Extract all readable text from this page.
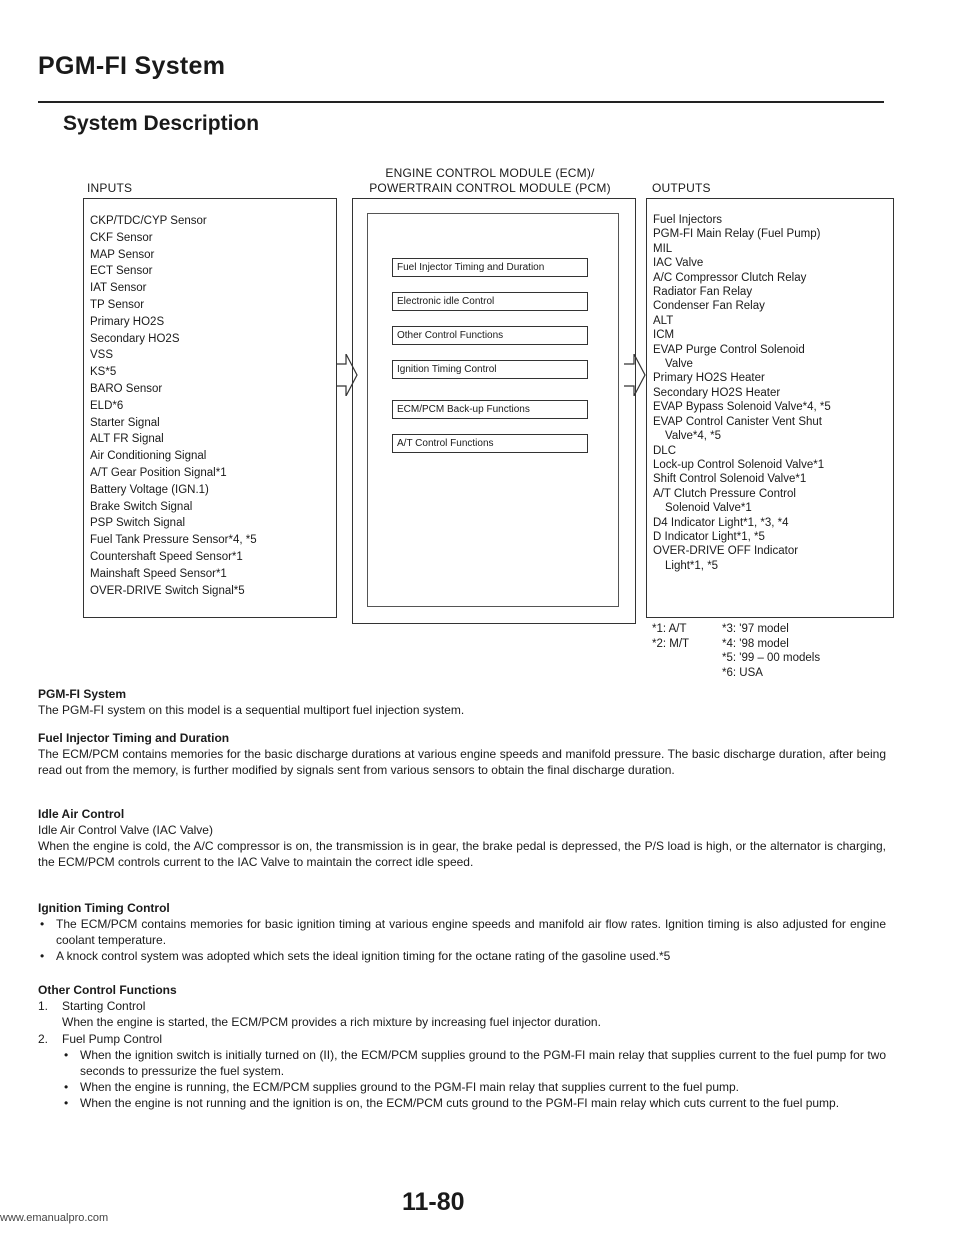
PGM-FI System
System Description
INPUTS
ENGINE CONTROL MODULE (ECM)/
POWERTRAIN CONTROL MODULE (PCM)	OUTPUTS
CKP/TDC/CYP Sensor
CKF Sensor
MAP Sensor
ECT Sensor
IAT Sensor
TP Sensor
Primary HO2S
Secondary HO2S
VSS
KS*5
BARO Sensor
ELD*6
Starter Signal
ALT FR Signal
Air Conditioning Signal
A/T Gear Position Signal*1
Battery Voltage (IGN.1)
Brake Switch Signal
PSP Switch Signal
Fuel Tank Pressure Sensor*4, *5
Countershaft Speed Sensor*1
Mainshaft Speed Sensor*1
OVER-DRIVE Switch Signal*5
Fuel Injector Timing and Duration
Electronic idle Control
Other Control Functions
Ignition Timing Control
ECM/PCM Back-up Functions
A/T Control Functions
Fuel Injectors
PGM-FI Main Relay (Fuel Pump)
MIL
IAC Valve
A/C Compressor Clutch Relay
Radiator Fan Relay
Condenser Fan Relay
ALT
ICM
EVAP Purge Control Solenoid
Valve
Primary HO2S Heater
Secondary HO2S Heater
EVAP Bypass Solenoid Valve*4, *5
EVAP Control Canister Vent Shut
Valve*4, *5
DLC
Lock-up Control Solenoid Valve*1
Shift Control Solenoid Valve*1
A/T Clutch Pressure Control
Solenoid Valve*1
D4 Indicator Light*1, *3, *4
D Indicator Light*1, *5
OVER-DRIVE OFF Indicator
Light*1, *5
*1: A/T	*3: '97 model
*2: M/T	*4: '98 model
*5: '99 – 00 models
*6: USA
PGM-FI System

The PGM-FI system on this model is a sequential multiport fuel injection system.

Fuel Injector Timing and Duration

The ECM/PCM contains memories for the basic discharge durations at various engine speeds and manifold pressure. The basic discharge duration, after being read out from the memory, is further modified by signals sent from various sensors to obtain the final discharge duration.

Idle Air Control

Idle Air Control Valve (IAC Valve)

When the engine is cold, the A/C compressor is on, the transmission is in gear, the brake pedal is depressed, the P/S load is high, or the alternator is charging, the ECM/PCM controls current to the IAC Valve to maintain the correct idle speed.

Ignition Timing Control
• The ECM/PCM contains memories for basic ignition timing at various engine speeds and manifold air flow rates. Ignition timing is also adjusted for engine coolant temperature.
• A knock control system was adopted which sets the ideal ignition timing for the octane rating of the gasoline used.*5
Other Control Functions
1. Starting Control
When the engine is started, the ECM/PCM provides a rich mixture by increasing fuel injector duration.
2. Fuel Pump Control
• When the ignition switch is initially turned on (II), the ECM/PCM supplies ground to the PGM-FI main relay that supplies current to the fuel pump for two seconds to pressurize the fuel system.
• When the engine is running, the ECM/PCM supplies ground to the PGM-FI main relay that supplies current to the fuel pump.
• When the engine is not running and the ignition is on, the ECM/PCM cuts ground to the PGM-FI main relay which cuts current to the fuel pump.
11-80
www.emanualpro.com
